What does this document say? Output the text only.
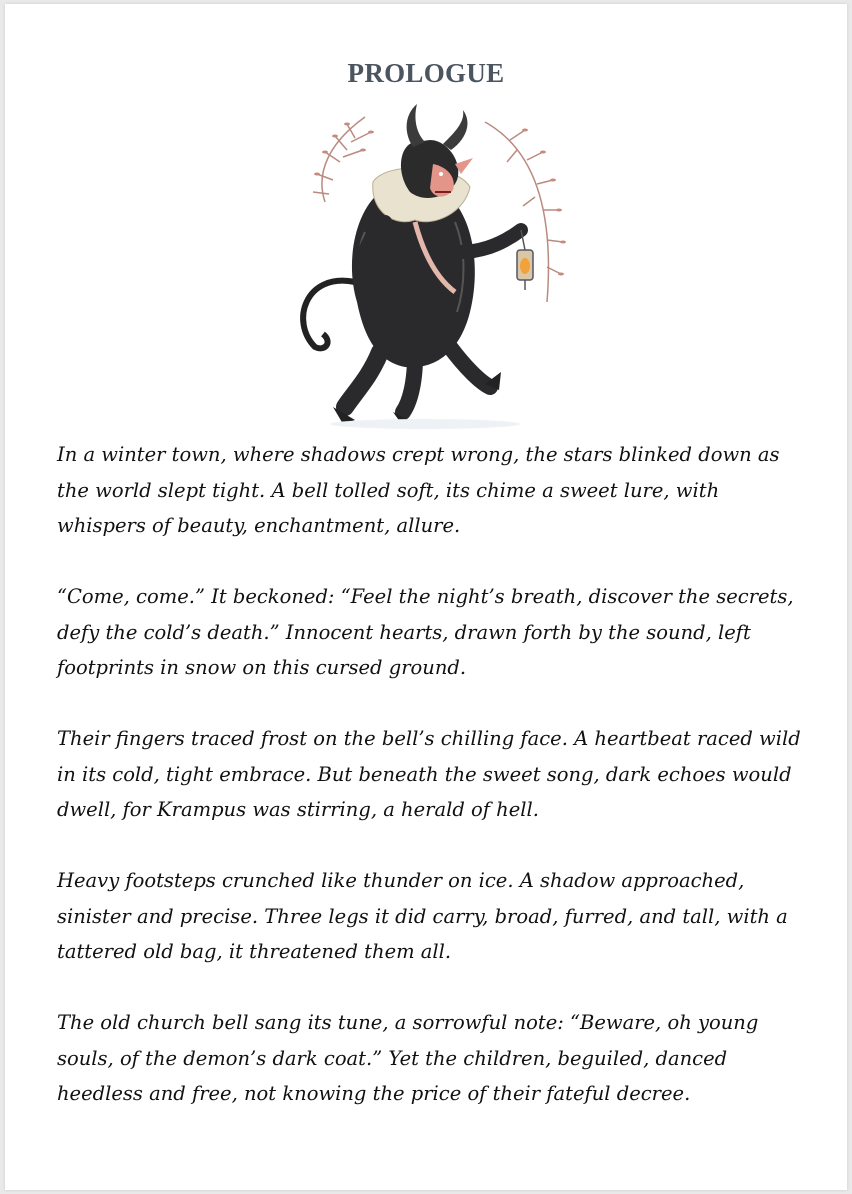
PROLOGUE

In a winter town, where shadows crept wrong, the stars blinked down as the world slept tight. A bell tolled soft, its chime a sweet lure, with whispers of beauty, enchantment, allure.

“Come, come.” It beckoned: “Feel the night’s breath, discover the secrets, defy the cold’s death.” Innocent hearts, drawn forth by the sound, left footprints in snow on this cursed ground.

Their fingers traced frost on the bell’s chilling face. A heartbeat raced wild in its cold, tight embrace. But beneath the sweet song, dark echoes would dwell, for Krampus was stirring, a herald of hell.

Heavy footsteps crunched like thunder on ice. A shadow approached, sinister and precise. Three legs it did carry, broad, furred, and tall, with a tattered old bag, it threatened them all.

The old church bell sang its tune, a sorrowful note: “Beware, oh young souls, of the demon’s dark coat.” Yet the children, beguiled, danced heedless and free, not knowing the price of their fateful decree.
